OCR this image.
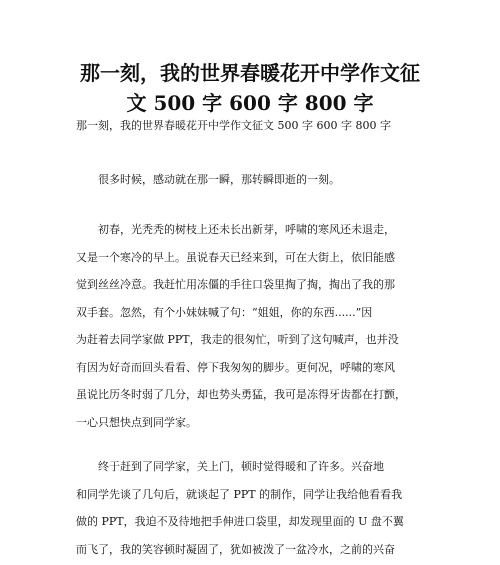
那一刻，我的世界春暖花开中学作文征
文 500 字 600 字 800 字
那一刻，我的世界春暖花开中学作文征文 500 字 600 字 800 字
　　很多时候，感动就在那一瞬，那转瞬即逝的一刻。
　　初春，光秃秃的树枝上还未长出新芽，呼啸的寒风还未退走，
又是一个寒冷的早上。虽说春天已经来到，可在大街上，依旧能感
觉到丝丝冷意。我赶忙用冻僵的手往口袋里掏了掏，掏出了我的那
双手套。忽然，有个小妹妹喊了句：“姐姐，你的东西......”因
为赶着去同学家做 PPT，我走的很匆忙，听到了这句喊声，也并没
有因为好奇而回头看看、停下我匆匆的脚步。更何况，呼啸的寒风
虽说比历冬时弱了几分，却也势头勇猛，我可是冻得牙齿都在打颤，
一心只想快点到同学家。
　　终于赶到了同学家，关上门，顿时觉得暖和了许多。兴奋地
和同学先谈了几句后，就谈起了 PPT 的制作，同学让我给他看看我
做的 PPT，我迫不及待地把手伸进口袋里，却发现里面的 U 盘不翼
而飞了，我的笑容顿时凝固了，犹如被泼了一盆冷水，之前的兴奋
